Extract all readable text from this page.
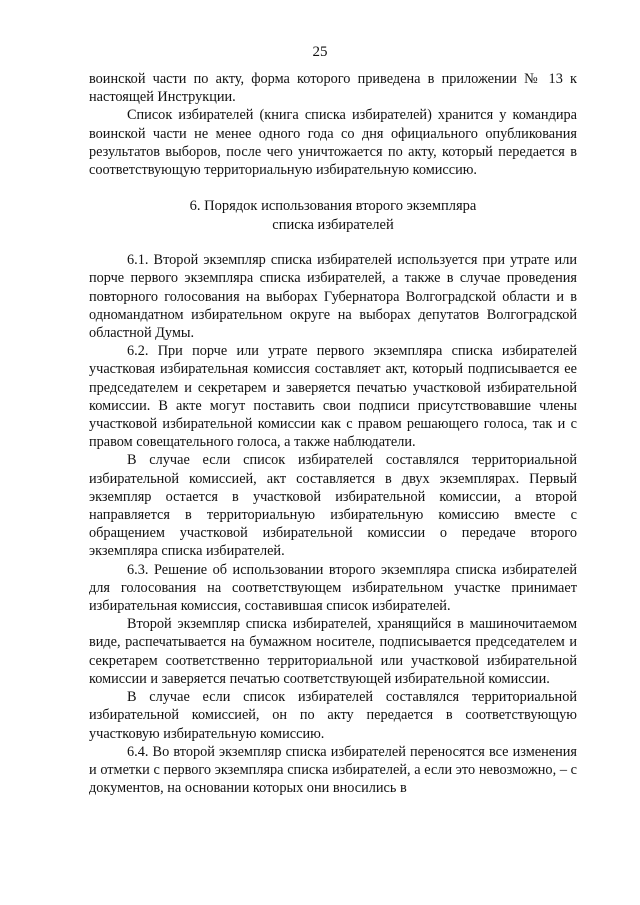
25

воинской части по акту, форма которого приведена в приложении № 13 к настоящей Инструкции.

Список избирателей (книга списка избирателей) хранится у командира воинской части не менее одного года со дня официального опубликования результатов выборов, после чего уничтожается по акту, который передается в соответствующую территориальную избирательную комиссию.

6. Порядок использования второго экземпляра
списка избирателей

6.1. Второй экземпляр списка избирателей используется при утрате или порче первого экземпляра списка избирателей, а также в случае проведения повторного голосования на выборах Губернатора Волгоградской области и в одномандатном избирательном округе на выборах депутатов Волгоградской областной Думы.

6.2. При порче или утрате первого экземпляра списка избирателей участковая избирательная комиссия составляет акт, который подписывается ее председателем и секретарем и заверяется печатью участковой избирательной комиссии. В акте могут поставить свои подписи присутствовавшие члены участковой избирательной комиссии как с правом решающего голоса, так и с правом совещательного голоса, а также наблюдатели.

В случае если список избирателей составлялся территориальной избирательной комиссией, акт составляется в двух экземплярах. Первый экземпляр остается в участковой избирательной комиссии, а второй направляется в территориальную избирательную комиссию вместе с обращением участковой избирательной комиссии о передаче второго экземпляра списка избирателей.

6.3. Решение об использовании второго экземпляра списка избирателей для голосования на соответствующем избирательном участке принимает избирательная комиссия, составившая список избирателей.

Второй экземпляр списка избирателей, хранящийся в машиночитаемом виде, распечатывается на бумажном носителе, подписывается председателем и секретарем соответственно территориальной или участковой избирательной комиссии и заверяется печатью соответствующей избирательной комиссии.

В случае если список избирателей составлялся территориальной избирательной комиссией, он по акту передается в соответствующую участковую избирательную комиссию.

6.4. Во второй экземпляр списка избирателей переносятся все изменения и отметки с первого экземпляра списка избирателей, а если это невозможно, – с документов, на основании которых они вносились в
